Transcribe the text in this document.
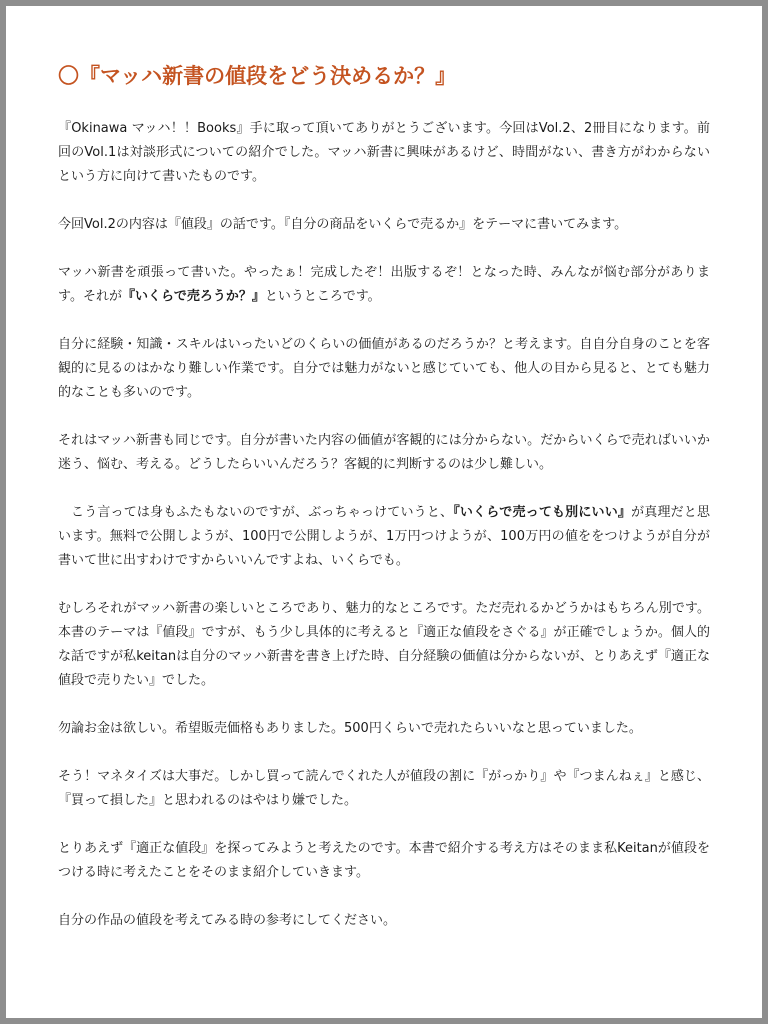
〇『マッハ新書の値段をどう決めるか？』

『Okinawa マッハ！！Books』手に取って頂いてありがとうございます。今回はVol.2、2冊目になります。前回のVol.1は対談形式についての紹介でした。マッハ新書に興味があるけど、時間がない、書き方がわからないという方に向けて書いたものです。

今回Vol.2の内容は『値段』の話です。『自分の商品をいくらで売るか』をテーマに書いてみます。

マッハ新書を頑張って書いた。やったぁ！完成したぞ！出版するぞ！となった時、みんなが悩む部分があります。それが『いくらで売ろうか？』というところです。

自分に経験・知識・スキルはいったいどのくらいの価値があるのだろうか？と考えます。自自分自身のことを客観的に見るのはかなり難しい作業です。自分では魅力がないと感じていても、他人の目から見ると、とても魅力的なことも多いのです。

それはマッハ新書も同じです。自分が書いた内容の価値が客観的には分からない。だからいくらで売ればいいか迷う、悩む、考える。どうしたらいいんだろう？客観的に判断するのは少し難しい。

こう言っては身もふたもないのですが、ぶっちゃっけていうと、『いくらで売っても別にいい』が真理だと思います。無料で公開しようが、100円で公開しようが、1万円つけようが、100万円の値ををつけようが自分が書いて世に出すわけですからいいんですよね、いくらでも。

むしろそれがマッハ新書の楽しいところであり、魅力的なところです。ただ売れるかどうかはもちろん別です。本書のテーマは『値段』ですが、もう少し具体的に考えると『適正な値段をさぐる』が正確でしょうか。個人的な話ですが私keitanは自分のマッハ新書を書き上げた時、自分経験の価値は分からないが、とりあえず『適正な値段で売りたい』でした。

勿論お金は欲しい。希望販売価格もありました。500円くらいで売れたらいいなと思っていました。

そう！マネタイズは大事だ。しかし買って読んでくれた人が値段の割に『がっかり』や『つまんねぇ』と感じ、『買って損した』と思われるのはやはり嫌でした。

とりあえず『適正な値段』を探ってみようと考えたのです。本書で紹介する考え方はそのまま私Keitanが値段をつける時に考えたことをそのまま紹介していきます。

自分の作品の値段を考えてみる時の参考にしてください。
